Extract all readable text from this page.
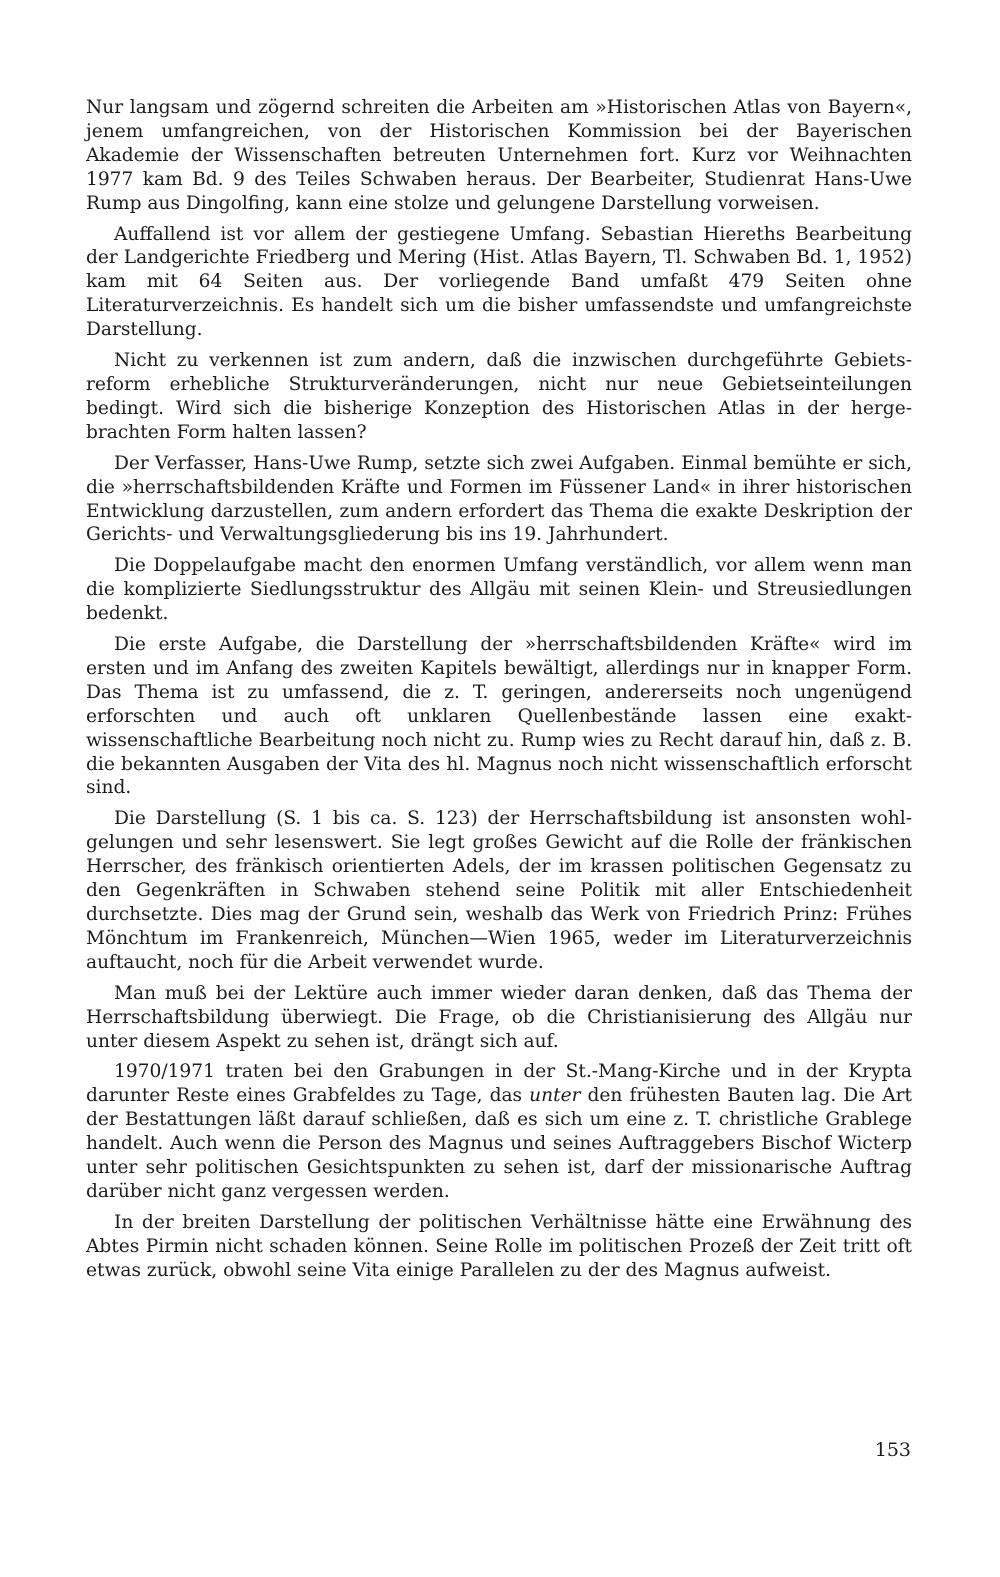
Nur langsam und zögernd schreiten die Arbeiten am »Historischen Atlas von Bayern«, jenem umfangreichen, von der Historischen Kommission bei der Bayerischen Akademie der Wissenschaften betreuten Unternehmen fort. Kurz vor Weihnachten 1977 kam Bd. 9 des Teiles Schwaben heraus. Der Bearbeiter, Studienrat Hans-Uwe Rump aus Dingolfing, kann eine stolze und gelungene Darstellung vorweisen.

Auffallend ist vor allem der gestiegene Umfang. Sebastian Hiereths Bearbeitung der Landgerichte Friedberg und Mering (Hist. Atlas Bayern, Tl. Schwaben Bd. 1, 1952) kam mit 64 Seiten aus. Der vorliegende Band umfaßt 479 Seiten ohne Literaturverzeichnis. Es handelt sich um die bisher umfassendste und umfangreichste Darstellung.

Nicht zu verkennen ist zum andern, daß die inzwischen durchgeführte Gebietsreform erhebliche Strukturveränderungen, nicht nur neue Gebietseinteilungen bedingt. Wird sich die bisherige Konzeption des Historischen Atlas in der hergebrachten Form halten lassen?

Der Verfasser, Hans-Uwe Rump, setzte sich zwei Aufgaben. Einmal bemühte er sich, die »herrschaftsbildenden Kräfte und Formen im Füssener Land« in ihrer historischen Entwicklung darzustellen, zum andern erfordert das Thema die exakte Deskription der Gerichts- und Verwaltungsgliederung bis ins 19. Jahrhundert.

Die Doppelaufgabe macht den enormen Umfang verständlich, vor allem wenn man die komplizierte Siedlungsstruktur des Allgäu mit seinen Klein- und Streusiedlungen bedenkt.

Die erste Aufgabe, die Darstellung der »herrschaftsbildenden Kräfte« wird im ersten und im Anfang des zweiten Kapitels bewältigt, allerdings nur in knapper Form. Das Thema ist zu umfassend, die z. T. geringen, andererseits noch ungenügend erforschten und auch oft unklaren Quellenbestände lassen eine exakt-wissenschaftliche Bearbeitung noch nicht zu. Rump wies zu Recht darauf hin, daß z. B. die bekannten Ausgaben der Vita des hl. Magnus noch nicht wissenschaftlich erforscht sind.

Die Darstellung (S. 1 bis ca. S. 123) der Herrschaftsbildung ist ansonsten wohlgelungen und sehr lesenswert. Sie legt großes Gewicht auf die Rolle der fränkischen Herrscher, des fränkisch orientierten Adels, der im krassen politischen Gegensatz zu den Gegenkräften in Schwaben stehend seine Politik mit aller Entschiedenheit durchsetzte. Dies mag der Grund sein, weshalb das Werk von Friedrich Prinz: Frühes Mönchtum im Frankenreich, München—Wien 1965, weder im Literaturverzeichnis auftaucht, noch für die Arbeit verwendet wurde.

Man muß bei der Lektüre auch immer wieder daran denken, daß das Thema der Herrschaftsbildung überwiegt. Die Frage, ob die Christianisierung des Allgäu nur unter diesem Aspekt zu sehen ist, drängt sich auf.

1970/1971 traten bei den Grabungen in der St.-Mang-Kirche und in der Krypta darunter Reste eines Grabfeldes zu Tage, das unter den frühesten Bauten lag. Die Art der Bestattungen läßt darauf schließen, daß es sich um eine z. T. christliche Grablege handelt. Auch wenn die Person des Magnus und seines Auftraggebers Bischof Wicterp unter sehr politischen Gesichtspunkten zu sehen ist, darf der missionarische Auftrag darüber nicht ganz vergessen werden.

In der breiten Darstellung der politischen Verhältnisse hätte eine Erwähnung des Abtes Pirmin nicht schaden können. Seine Rolle im politischen Prozeß der Zeit tritt oft etwas zurück, obwohl seine Vita einige Parallelen zu der des Magnus aufweist.

153
